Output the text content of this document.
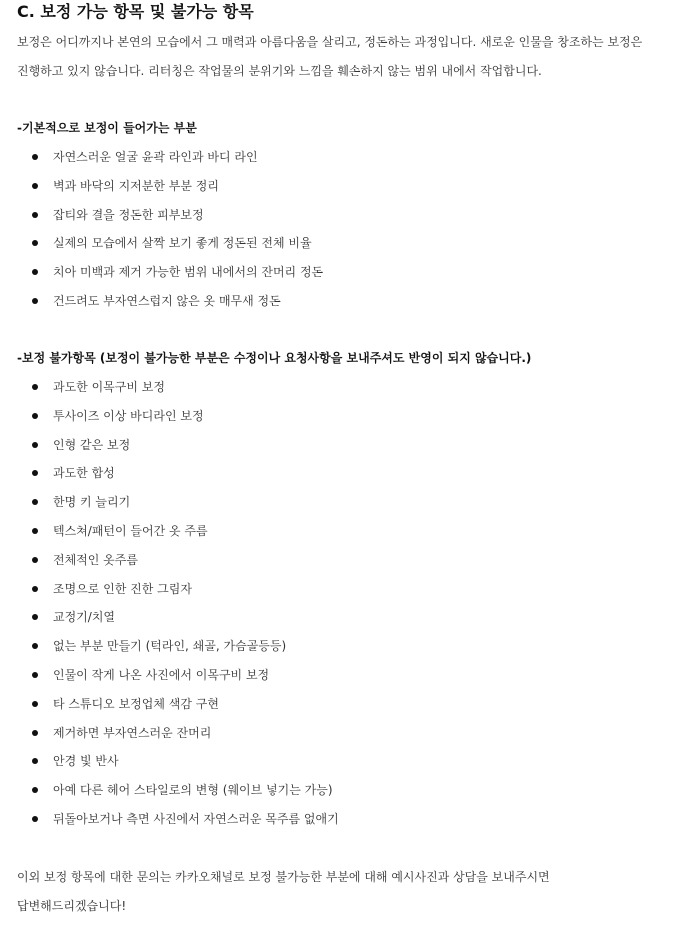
C. 보정 가능 항목 및 불가능 항목
보정은 어디까지나 본연의 모습에서 그 매력과 아름다움을 살리고, 정돈하는 과정입니다. 새로운 인물을 창조하는 보정은 진행하고 있지 않습니다. 리터칭은 작업물의 분위기와 느낌을 훼손하지 않는 범위 내에서 작업합니다.
-기본적으로 보정이 들어가는 부분
자연스러운 얼굴 윤곽 라인과 바디 라인
벽과 바닥의 지저분한 부분 정리
잡티와 결을 정돈한 피부보정
실제의 모습에서 살짝 보기 좋게 정돈된 전체 비율
치아 미백과 제거 가능한 범위 내에서의 잔머리 정돈
건드려도 부자연스럽지 않은 옷 매무새 정돈
-보정 불가항목 (보정이 불가능한 부분은 수정이나 요청사항을 보내주셔도 반영이 되지 않습니다.)
과도한 이목구비 보정
투사이즈 이상 바디라인 보정
인형 같은 보정
과도한 합성
한명 키 늘리기
텍스쳐/패턴이 들어간 옷 주름
전체적인 옷주름
조명으로 인한 진한 그림자
교정기/치열
없는 부분 만들기 (턱라인, 쇄골, 가슴골등등)
인물이 작게 나온 사진에서 이목구비 보정
타 스튜디오 보정업체 색감 구현
제거하면 부자연스러운 잔머리
안경 빛 반사
아예 다른 헤어 스타일로의 변형 (웨이브 넣기는 가능)
뒤돌아보거나 측면 사진에서 자연스러운 목주름 없애기
이외 보정 항목에 대한 문의는 카카오채널로 보정 불가능한 부분에 대해 예시사진과 상담을 보내주시면 답변해드리겠습니다!
